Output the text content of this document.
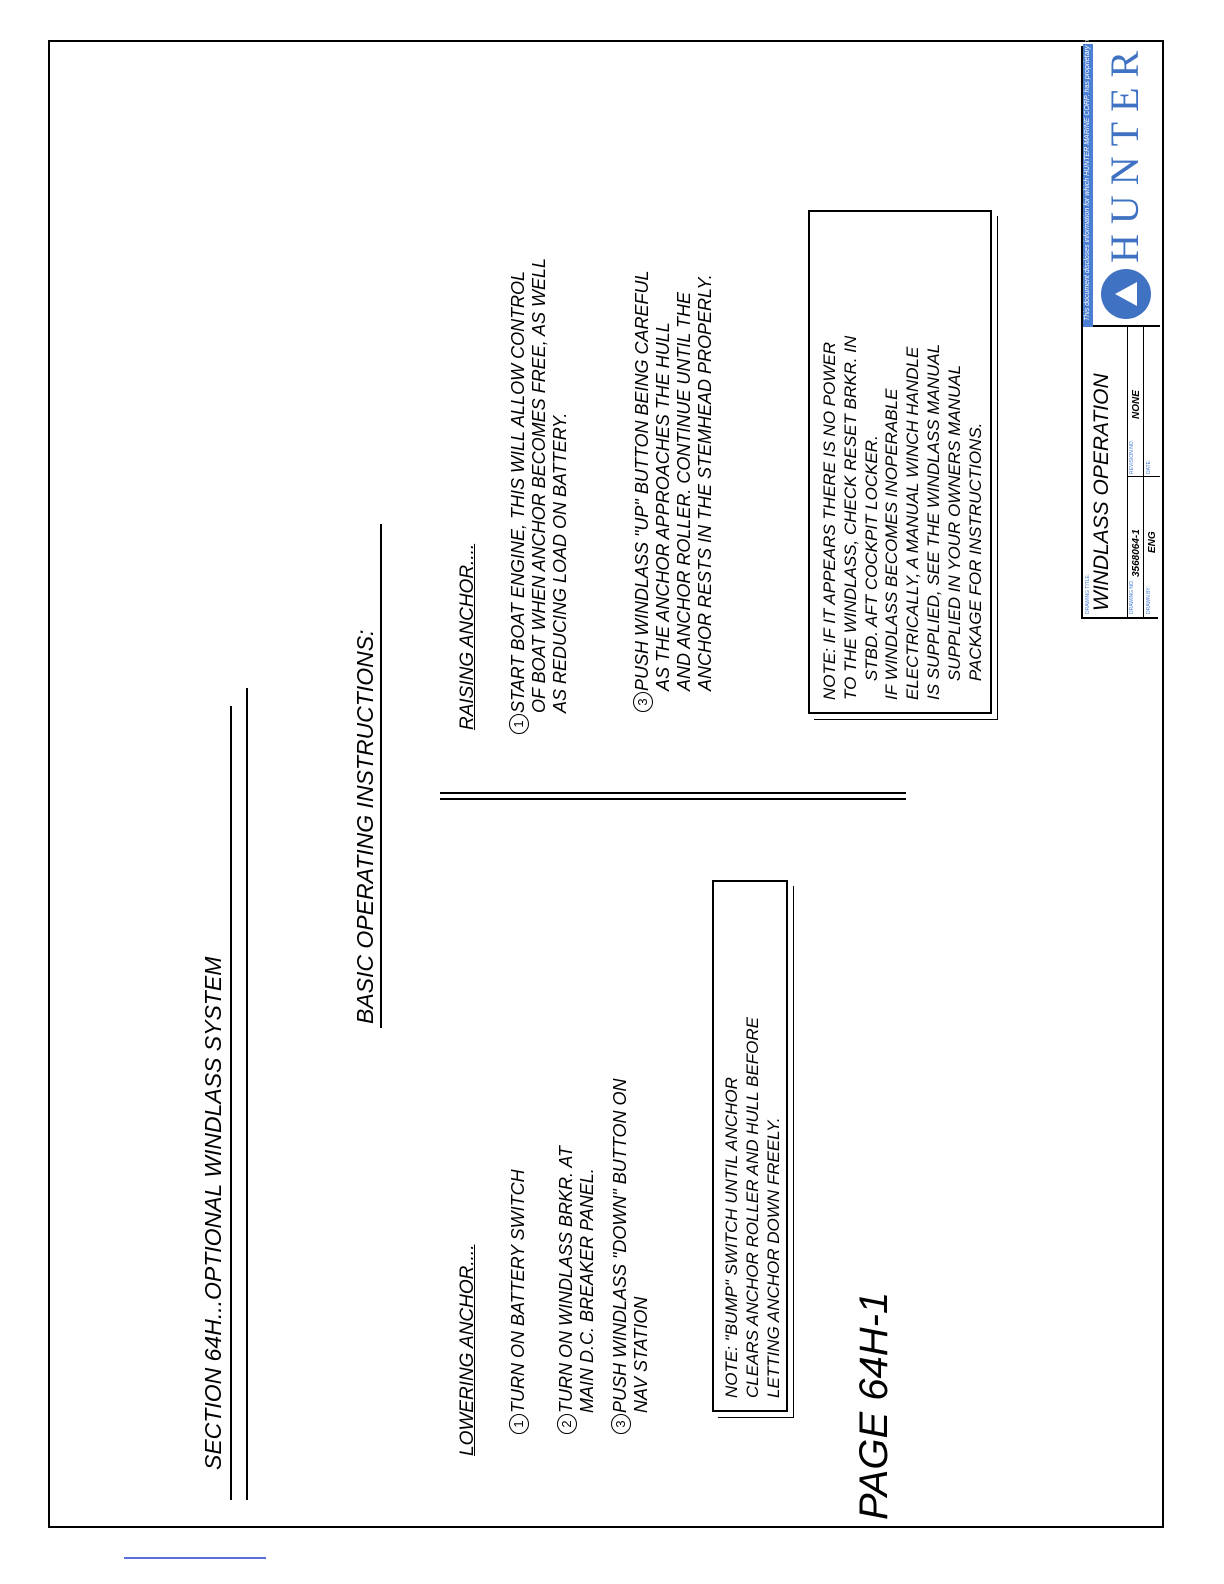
SECTION 64H...OPTIONAL WINDLASS SYSTEM
BASIC OPERATING INSTRUCTIONS:
LOWERING ANCHOR....	1
TURN ON BATTERY SWITCH
2
TURN ON WINDLASS BRKR. AT
MAIN D.C. BREAKER PANEL.
3
PUSH WINDLASS "DOWN" BUTTON ON
NAV STATION
NOTE: "BUMP" SWITCH UNTIL ANCHOR
CLEARS ANCHOR ROLLER AND HULL BEFORE
LETTING ANCHOR DOWN FREELY.
RAISING ANCHOR....	1
START BOAT ENGINE, THIS WILL ALLOW CONTROL
OF BOAT WHEN ANCHOR BECOMES FREE, AS WELL
AS REDUCING LOAD ON BATTERY.
3
PUSH WINDLASS "UP" BUTTON BEING CAREFUL
AS THE ANCHOR APPROACHES THE HULL
AND ANCHOR ROLLER. CONTINUE UNTIL THE
ANCHOR RESTS IN THE STEMHEAD PROPERLY.
NOTE: IF IT APPEARS THERE IS NO POWER
TO THE WINDLASS, CHECK RESET BRKR. IN
STBD. AFT COCKPIT LOCKER.
IF WINDLASS BECOMES INOPERABLE
ELECTRICALLY, A MANUAL WINCH HANDLE
IS SUPPLIED, SEE THE WINDLASS MANUAL
SUPPLIED IN YOUR OWNERS MANUAL
PACKAGE FOR INSTRUCTIONS.
PAGE 64H-1
DRAWING TITLE: WINDLASS OPERATION	DRAWING NO.
3568064-1
REVISION NO.
NONE
DRAWN BY:
ENG
DATE:
This document discloses information for which HUNTER MARINE CORP. has proprietary rights HUNTER
